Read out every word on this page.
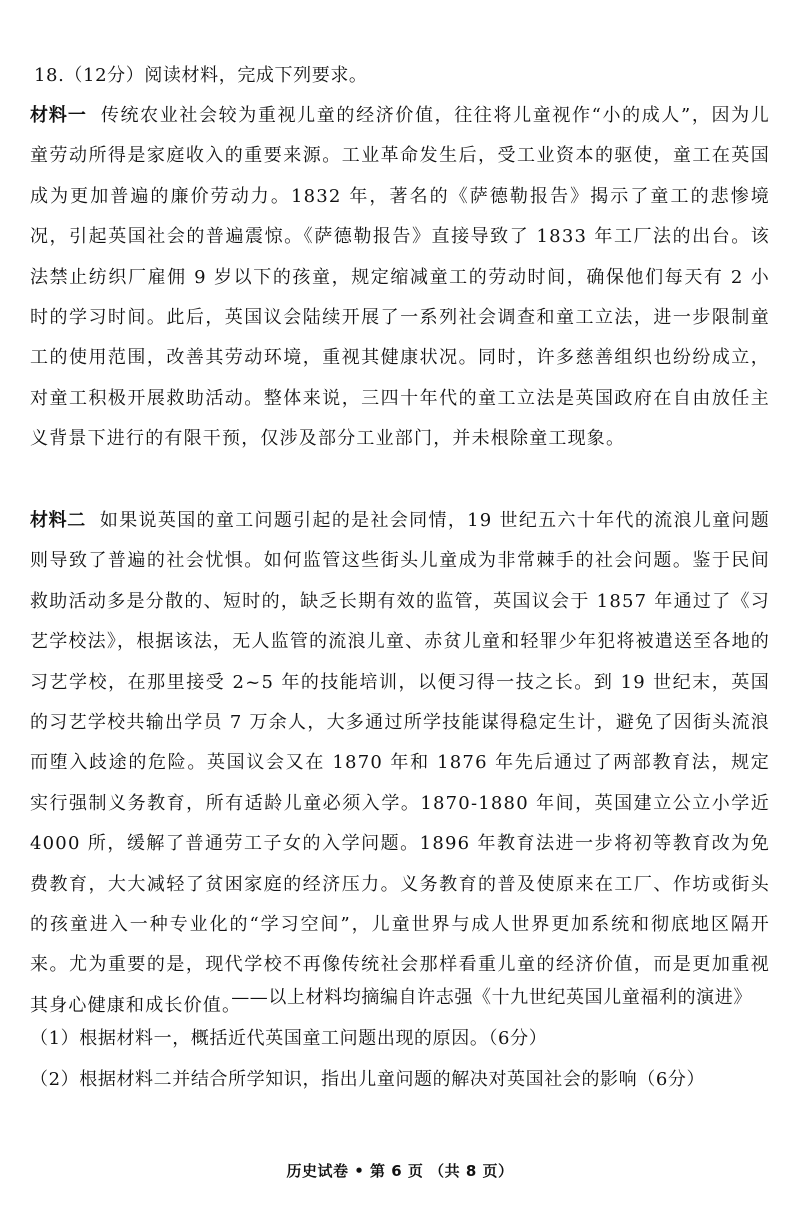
18.（12分）阅读材料，完成下列要求。
材料一 传统农业社会较为重视儿童的经济价值，往往将儿童视作“小的成人”，因为儿童劳动所得是家庭收入的重要来源。工业革命发生后，受工业资本的驱使，童工在英国成为更加普遍的廉价劳动力。1832 年，著名的《萨德勒报告》揭示了童工的悲惨境况，引起英国社会的普遍震惊。《萨德勒报告》直接导致了 1833 年工厂法的出台。该法禁止纺织厂雇佣 9 岁以下的孩童，规定缩减童工的劳动时间，确保他们每天有 2 小时的学习时间。此后，英国议会陆续开展了一系列社会调查和童工立法，进一步限制童工的使用范围，改善其劳动环境，重视其健康状况。同时，许多慈善组织也纷纷成立，对童工积极开展救助活动。整体来说，三四十年代的童工立法是英国政府在自由放任主义背景下进行的有限干预，仅涉及部分工业部门，并未根除童工现象。
材料二 如果说英国的童工问题引起的是社会同情，19 世纪五六十年代的流浪儿童问题则导致了普遍的社会忧惧。如何监管这些街头儿童成为非常棘手的社会问题。鉴于民间救助活动多是分散的、短时的，缺乏长期有效的监管，英国议会于 1857 年通过了《习艺学校法》，根据该法，无人监管的流浪儿童、赤贫儿童和轻罪少年犯将被遣送至各地的习艺学校，在那里接受 2~5 年的技能培训，以便习得一技之长。到 19 世纪末，英国的习艺学校共输出学员 7 万余人，大多通过所学技能谋得稳定生计，避免了因街头流浪而堕入歧途的危险。英国议会又在 1870 年和 1876 年先后通过了两部教育法，规定实行强制义务教育，所有适龄儿童必须入学。1870-1880 年间，英国建立公立小学近 4000 所，缓解了普通劳工子女的入学问题。1896 年教育法进一步将初等教育改为免费教育，大大减轻了贫困家庭的经济压力。义务教育的普及使原来在工厂、作坊或街头的孩童进入一种专业化的“学习空间”，儿童世界与成人世界更加系统和彻底地区隔开来。尤为重要的是，现代学校不再像传统社会那样看重儿童的经济价值，而是更加重视其身心健康和成长价值。
——以上材料均摘编自许志强《十九世纪英国儿童福利的演进》
（1）根据材料一，概括近代英国童工问题出现的原因。（6分）
（2）根据材料二并结合所学知识，指出儿童问题的解决对英国社会的影响（6分）
历史试卷 • 第 6 页 （共 8 页）
